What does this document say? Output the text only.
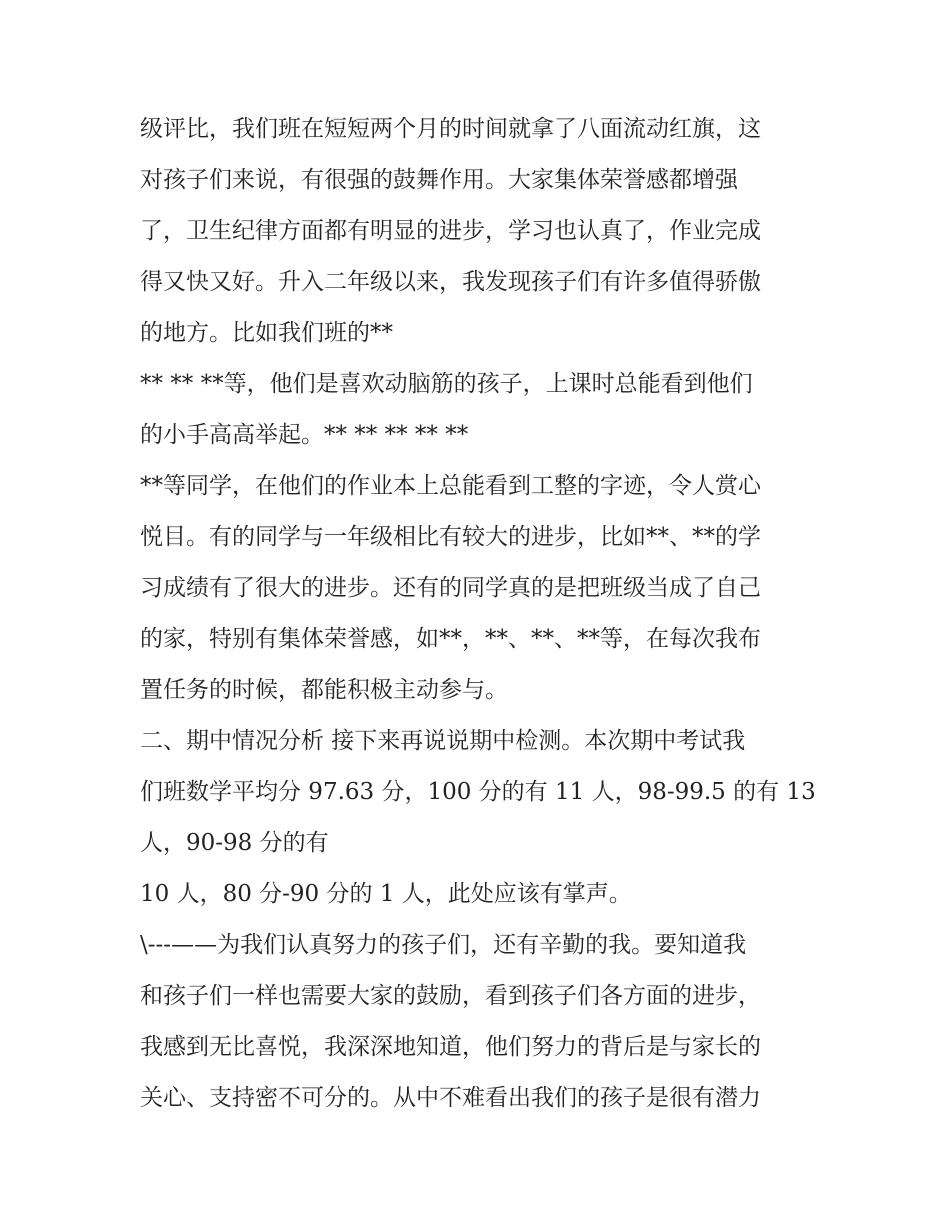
级评比，我们班在短短两个月的时间就拿了八面流动红旗，这
对孩子们来说，有很强的鼓舞作用。大家集体荣誉感都增强
了，卫生纪律方面都有明显的进步，学习也认真了，作业完成
得又快又好。升入二年级以来，我发现孩子们有许多值得骄傲
的地方。比如我们班的**
** ** **等，他们是喜欢动脑筋的孩子，上课时总能看到他们
的小手高高举起。** ** ** ** **
**等同学，在他们的作业本上总能看到工整的字迹，令人赏心
悦目。有的同学与一年级相比有较大的进步，比如**、**的学
习成绩有了很大的进步。还有的同学真的是把班级当成了自己
的家，特别有集体荣誉感，如**，**、**、**等，在每次我布
置任务的时候，都能积极主动参与。
二、期中情况分析 接下来再说说期中检测。本次期中考试我
们班数学平均分 97.63 分，100 分的有 11 人，98-99.5 的有 13
人，90-98 分的有
10 人，80 分-90 分的 1 人，此处应该有掌声。
\---——为我们认真努力的孩子们，还有辛勤的我。要知道我
和孩子们一样也需要大家的鼓励，看到孩子们各方面的进步，
我感到无比喜悦，我深深地知道，他们努力的背后是与家长的
关心、支持密不可分的。从中不难看出我们的孩子是很有潜力
